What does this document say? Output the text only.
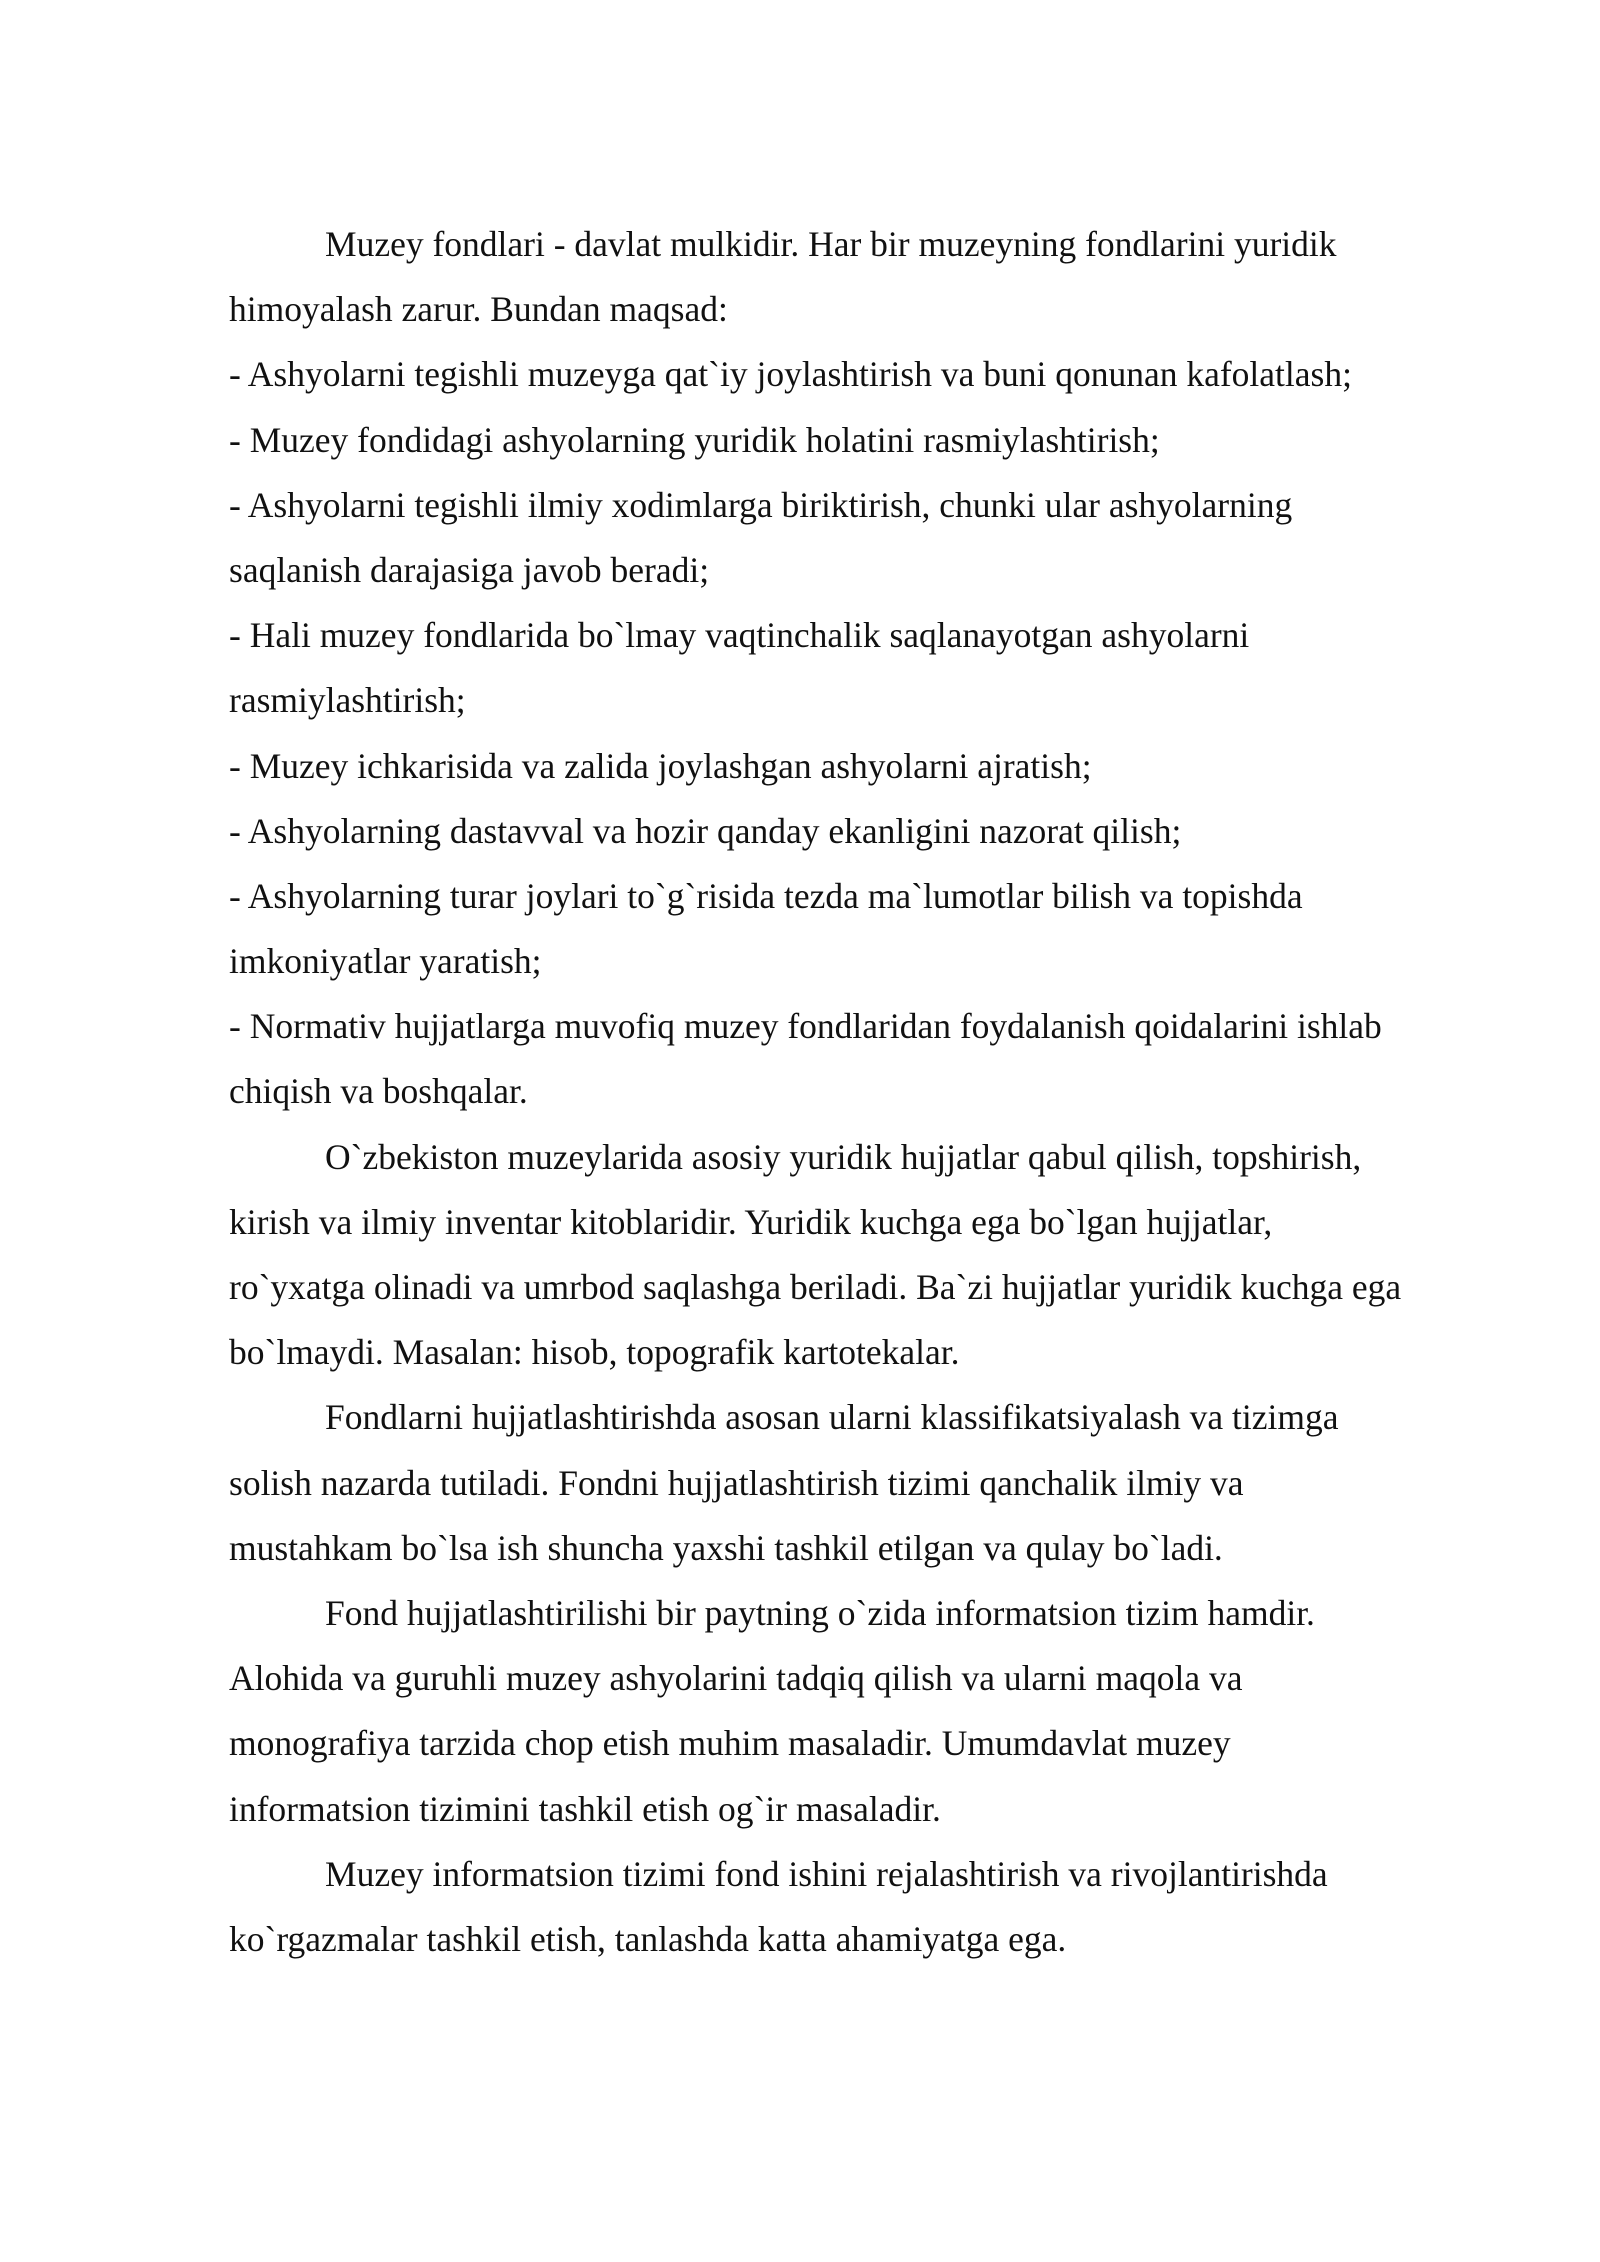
Muzey fondlari - davlat mulkidir. Har bir muzeyning fondlarini yuridik
himoyalash zarur. Bundan maqsad:
- Ashyolarni tegishli muzeyga qat`iy joylashtirish va buni qonunan kafolatlash;
- Muzey fondidagi ashyolarning yuridik holatini rasmiylashtirish;
- Ashyolarni tegishli ilmiy xodimlarga biriktirish, chunki ular ashyolarning
saqlanish darajasiga javob beradi;
- Hali muzey fondlarida bo`lmay vaqtinchalik saqlanayotgan ashyolarni
rasmiylashtirish;
- Muzey ichkarisida va zalida joylashgan ashyolarni ajratish;
- Ashyolarning dastavval va hozir qanday ekanligini nazorat qilish;
- Ashyolarning turar joylari to`g`risida tezda ma`lumotlar bilish va topishda
imkoniyatlar yaratish;
- Normativ hujjatlarga muvofiq muzey fondlaridan foydalanish qoidalarini ishlab
chiqish va boshqalar.
O`zbekiston muzeylarida asosiy yuridik hujjatlar qabul qilish, topshirish,
kirish va ilmiy inventar kitoblaridir. Yuridik kuchga ega bo`lgan hujjatlar,
ro`yxatga olinadi va umrbod saqlashga beriladi. Ba`zi hujjatlar yuridik kuchga ega
bo`lmaydi. Masalan: hisob, topografik kartotekalar.
Fondlarni hujjatlashtirishda asosan ularni klassifikatsiyalash va tizimga
solish nazarda tutiladi. Fondni hujjatlashtirish tizimi qanchalik ilmiy va
mustahkam bo`lsa ish shuncha yaxshi tashkil etilgan va qulay bo`ladi.
Fond hujjatlashtirilishi bir paytning o`zida informatsion tizim hamdir.
Alohida va guruhli muzey ashyolarini tadqiq qilish va ularni maqola va
monografiya tarzida chop etish muhim masaladir. Umumdavlat muzey
informatsion tizimini tashkil etish og`ir masaladir.
Muzey informatsion tizimi fond ishini rejalashtirish va rivojlantirishda
ko`rgazmalar tashkil etish, tanlashda katta ahamiyatga ega.
